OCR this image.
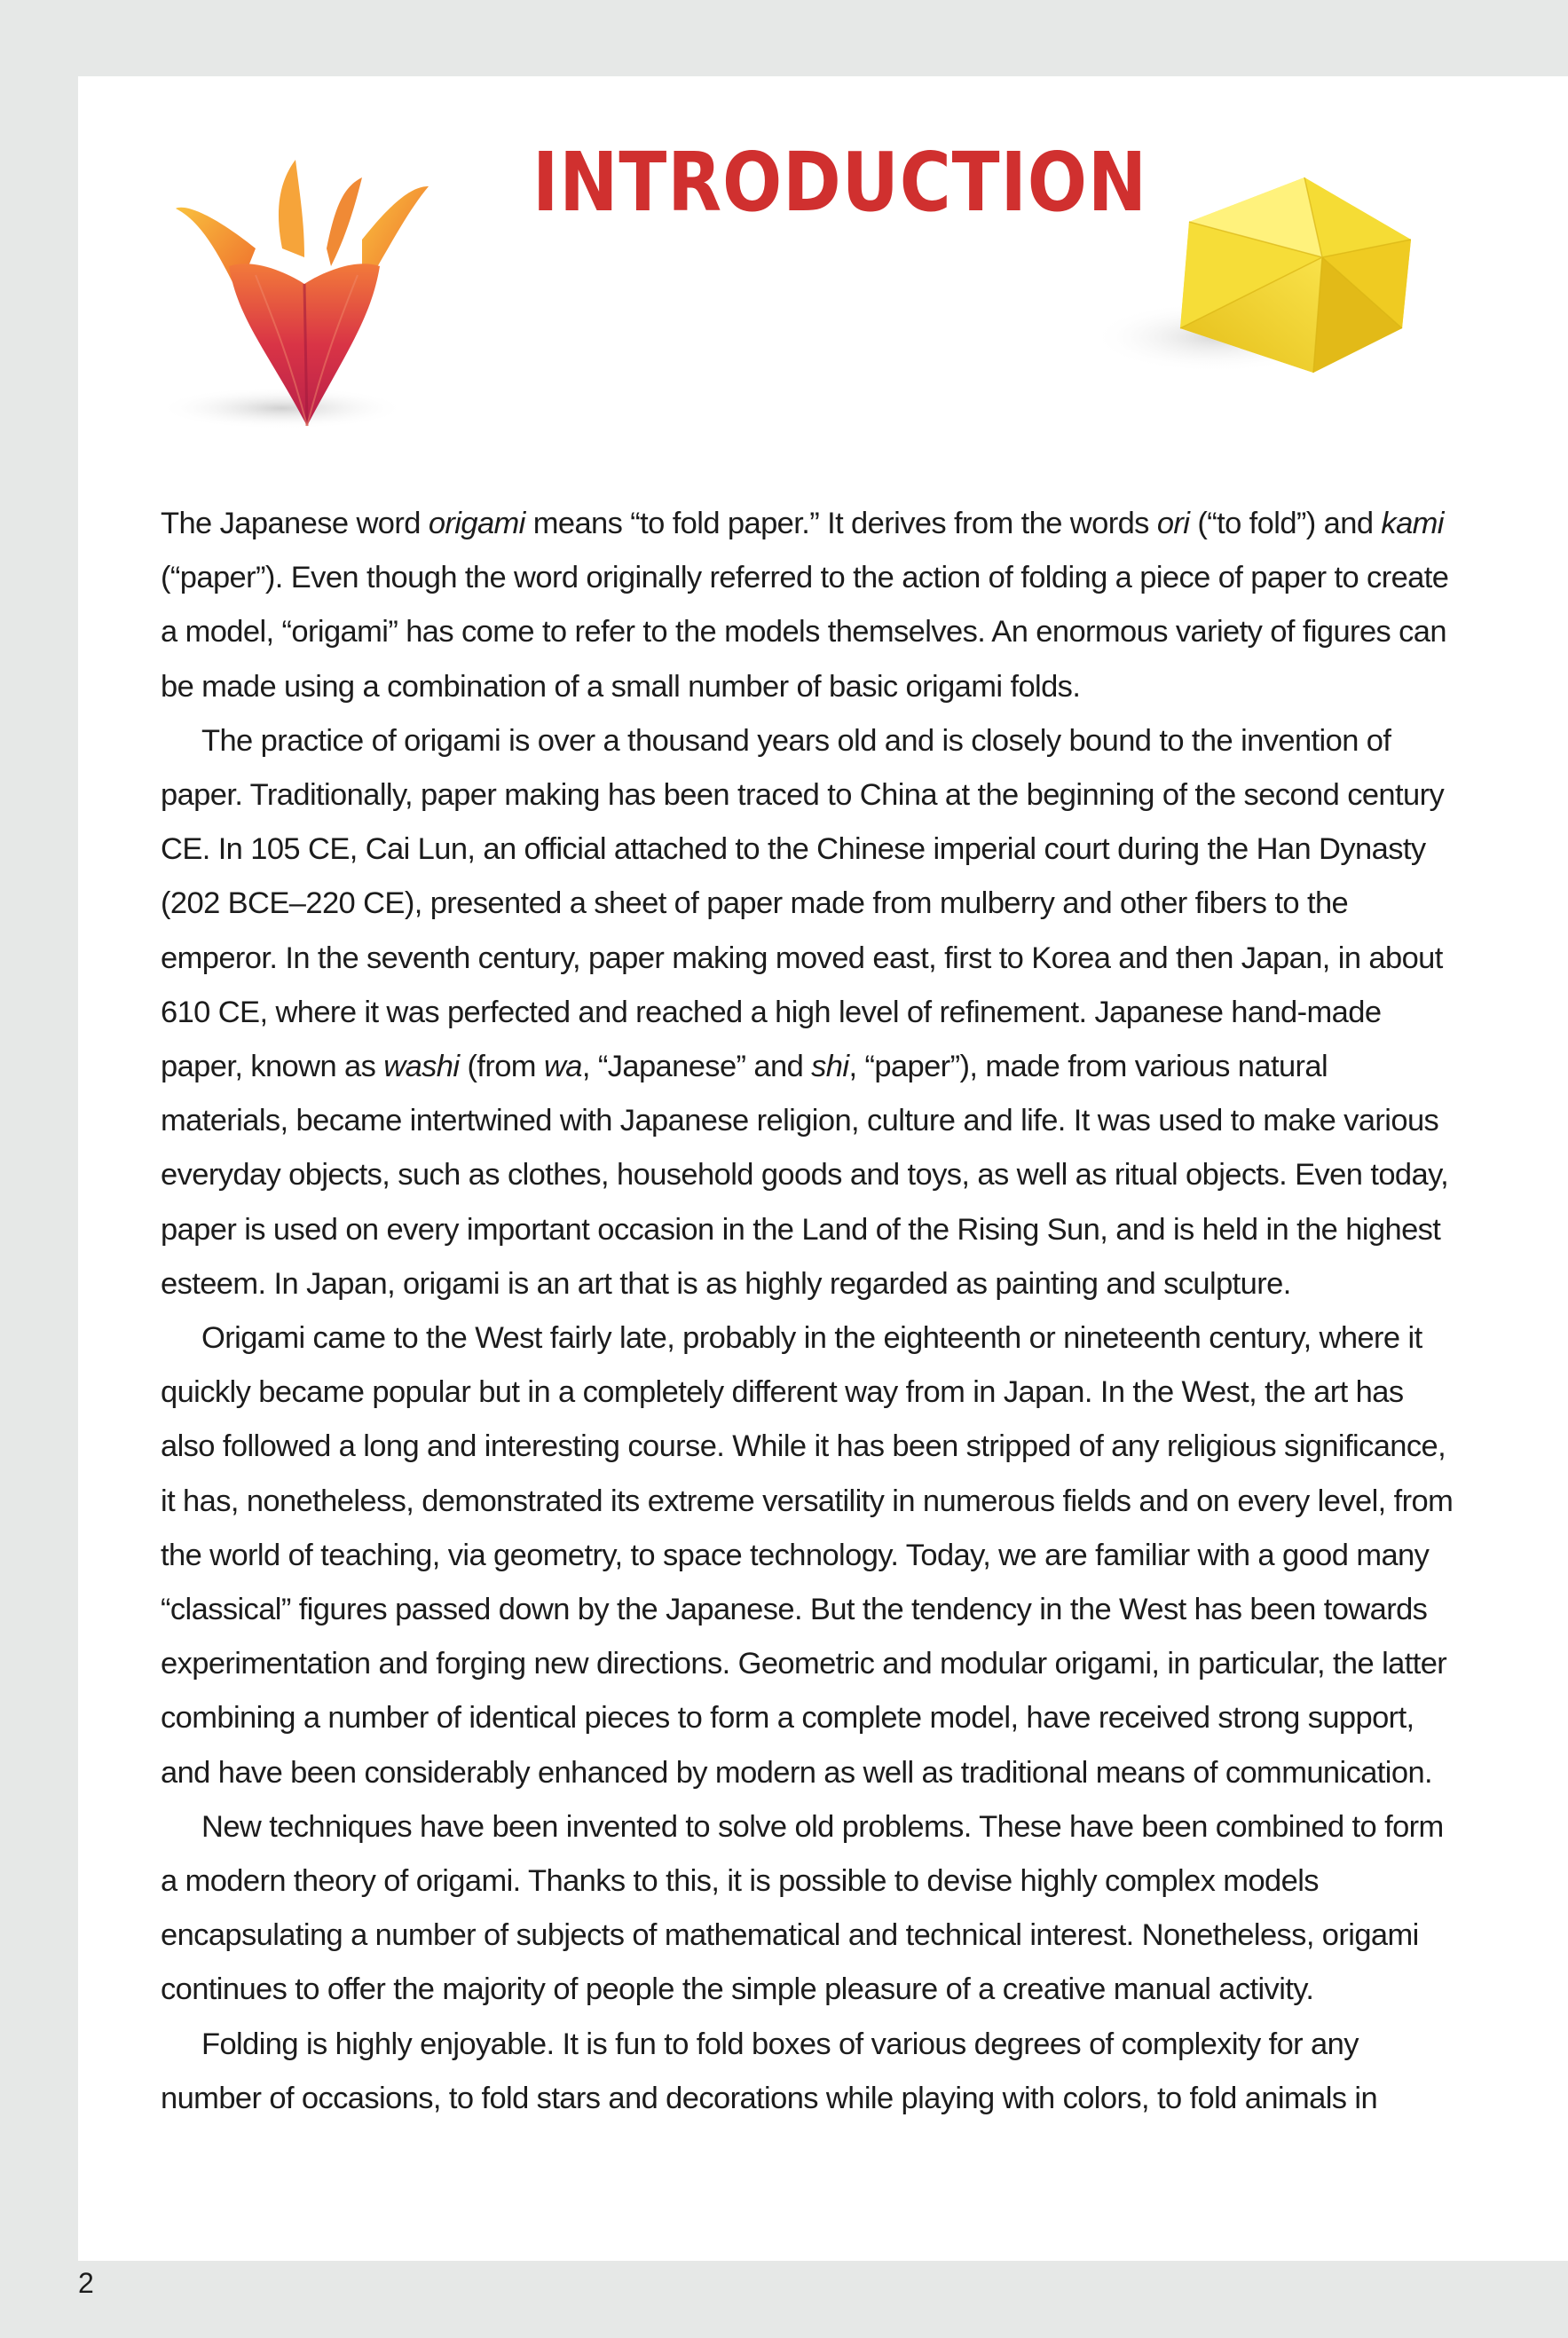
INTRODUCTION

The Japanese word origami means “to fold paper.” It derives from the words ori (“to fold”) and kami (“paper”). Even though the word originally referred to the action of folding a piece of paper to create a model, “origami” has come to refer to the models themselves. An enormous variety of figures can be made using a combination of a small number of basic origami folds.

The practice of origami is over a thousand years old and is closely bound to the invention of paper. Traditionally, paper making has been traced to China at the beginning of the second century CE. In 105 CE, Cai Lun, an official attached to the Chinese imperial court during the Han Dynasty (202 BCE–220 CE), presented a sheet of paper made from mulberry and other fibers to the emperor. In the seventh century, paper making moved east, first to Korea and then Japan, in about 610 CE, where it was perfected and reached a high level of refinement. Japanese hand-made paper, known as washi (from wa, “Japanese” and shi, “paper”), made from various natural materials, became intertwined with Japanese religion, culture and life. It was used to make various everyday objects, such as clothes, household goods and toys, as well as ritual objects. Even today, paper is used on every important occasion in the Land of the Rising Sun, and is held in the highest esteem. In Japan, origami is an art that is as highly regarded as painting and sculpture.

Origami came to the West fairly late, probably in the eighteenth or nineteenth century, where it quickly became popular but in a completely different way from in Japan. In the West, the art has also followed a long and interesting course. While it has been stripped of any religious significance, it has, nonetheless, demonstrated its extreme versatility in numerous fields and on every level, from the world of teaching, via geometry, to space technology. Today, we are familiar with a good many “classical” figures passed down by the Japanese. But the tendency in the West has been towards experimentation and forging new directions. Geometric and modular origami, in particular, the latter combining a number of identical pieces to form a complete model, have received strong support, and have been considerably enhanced by modern as well as traditional means of communication.

New techniques have been invented to solve old problems. These have been combined to form a modern theory of origami. Thanks to this, it is possible to devise highly complex models encapsulating a number of subjects of mathematical and technical interest. Nonetheless, origami continues to offer the majority of people the simple pleasure of a creative manual activity.

Folding is highly enjoyable. It is fun to fold boxes of various degrees of complexity for any number of occasions, to fold stars and decorations while playing with colors, to fold animals in

2
